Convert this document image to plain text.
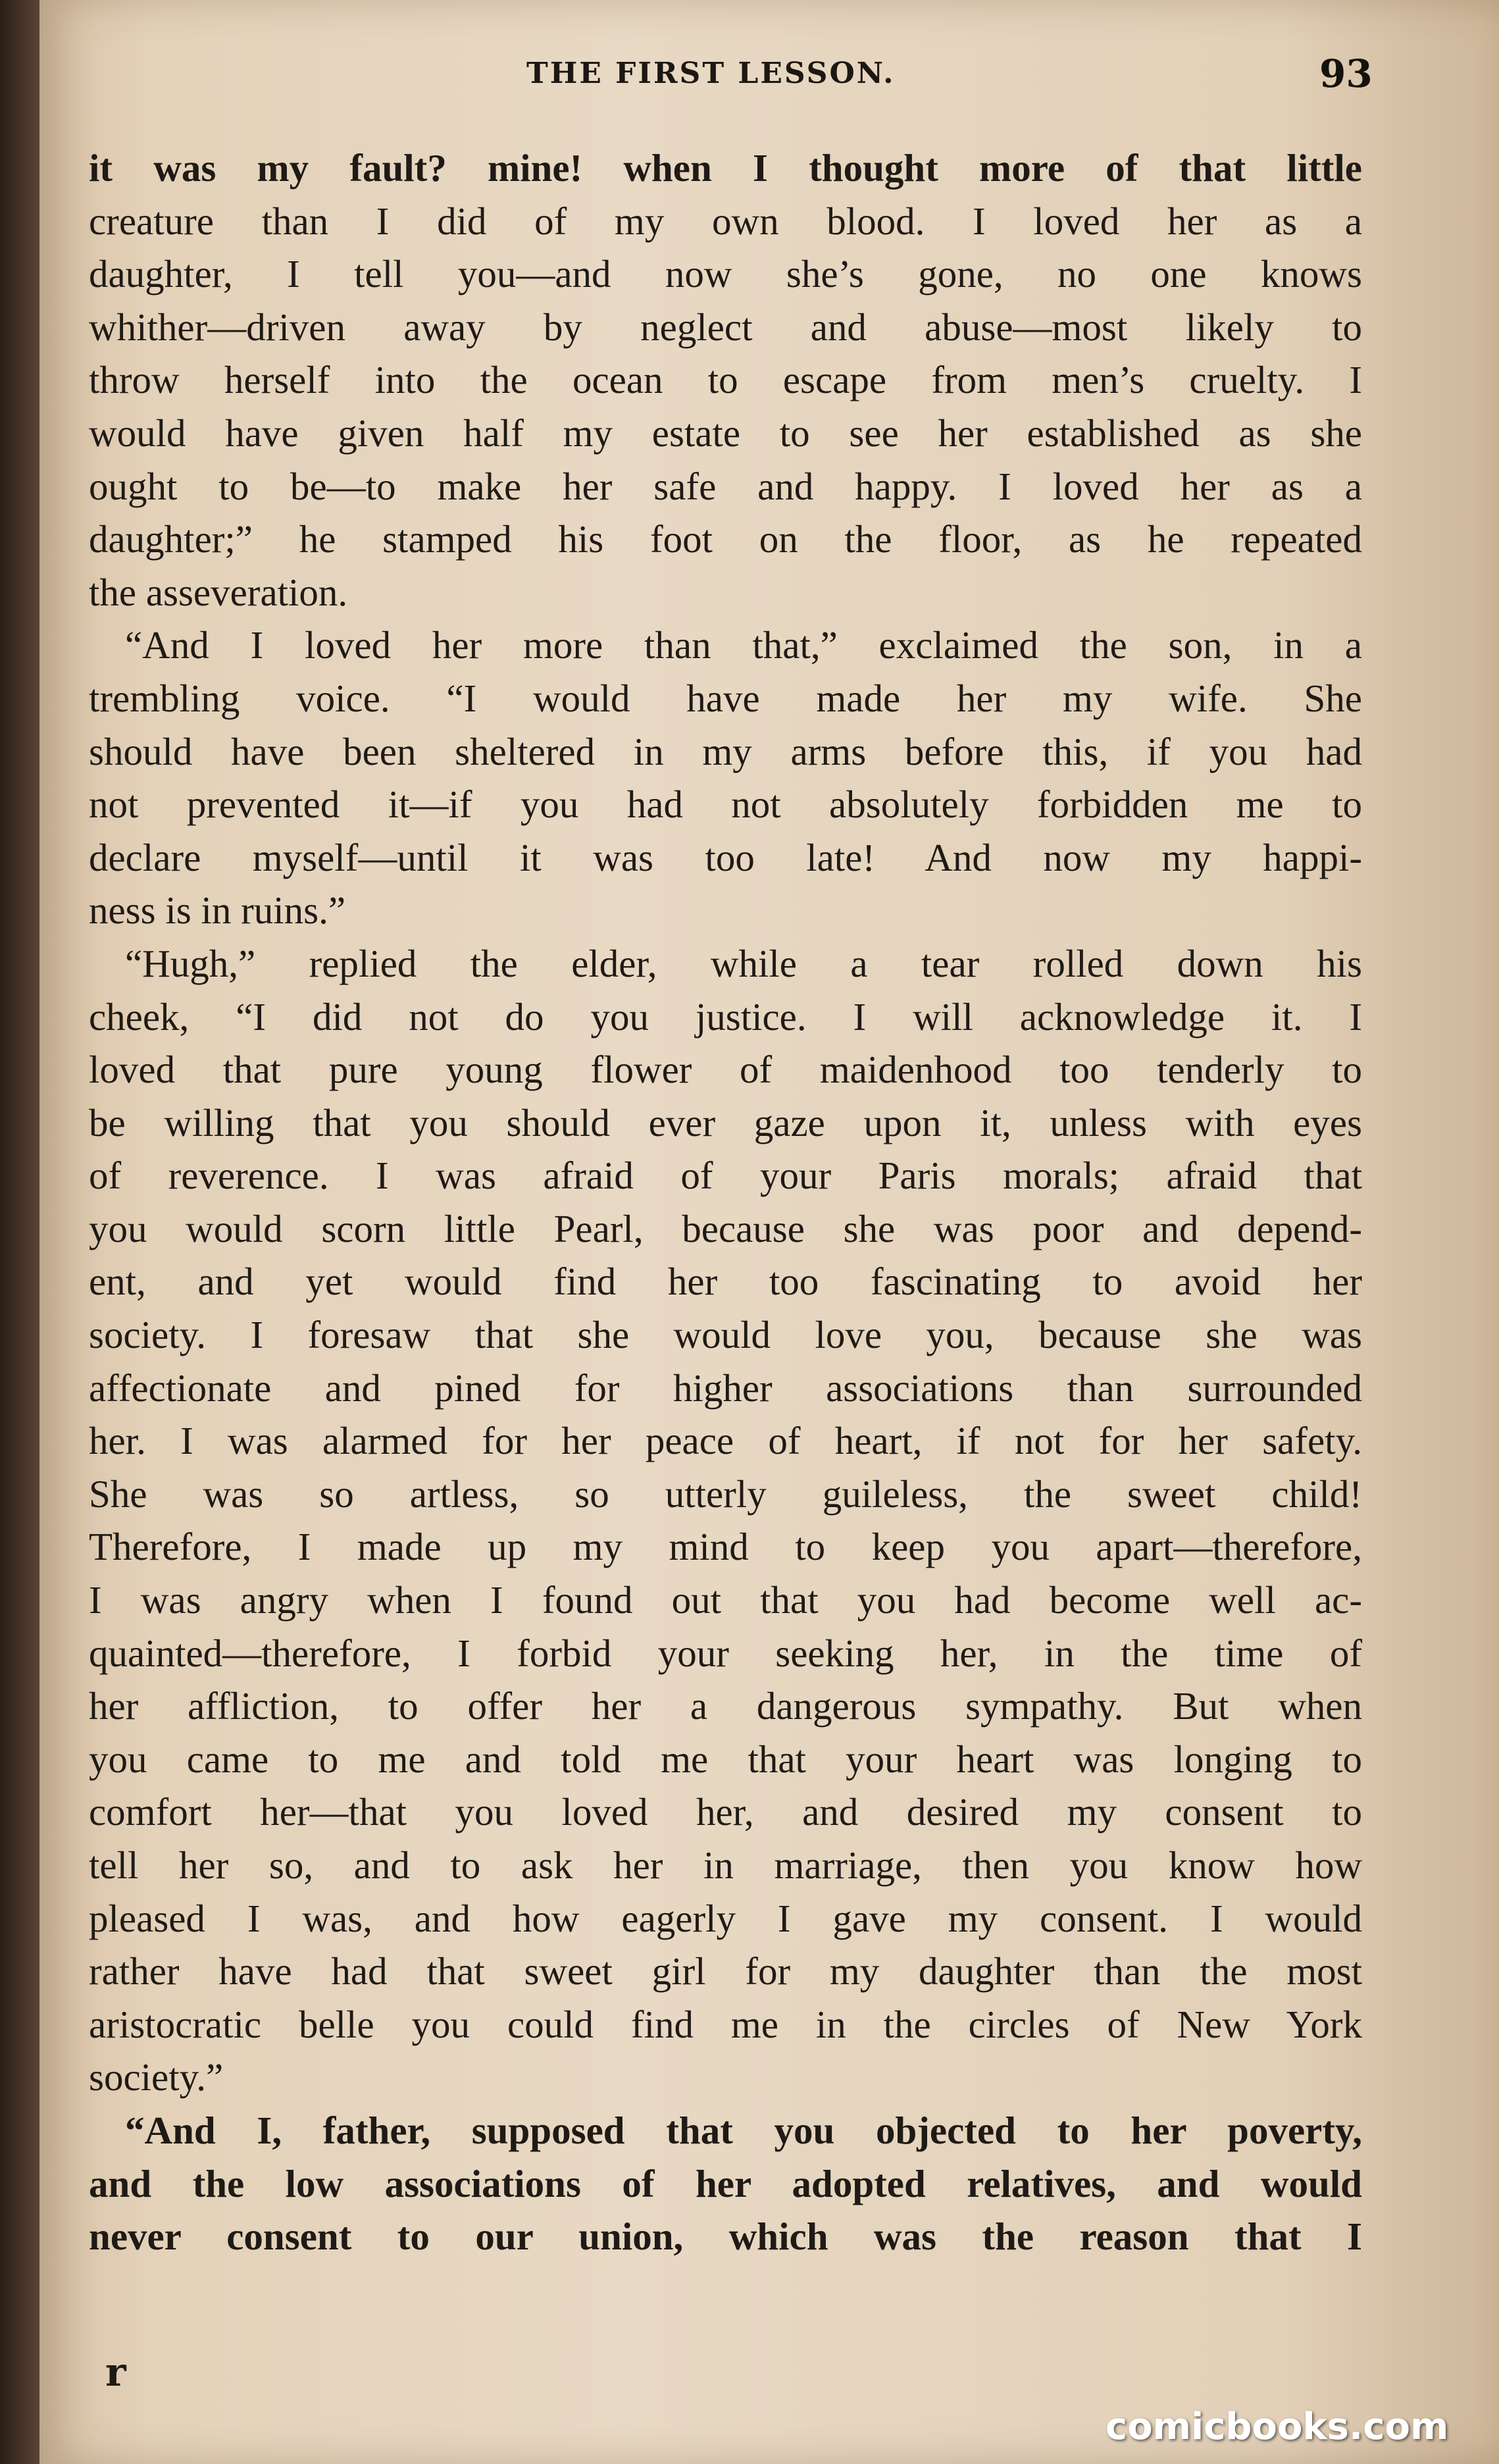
THE FIRST LESSON.	93
it was my fault? mine! when I thought more of that little
creature than I did of my own blood. I loved her as a
daughter, I tell you—and now she’s gone, no one knows
whither—driven away by neglect and abuse—most likely to
throw herself into the ocean to escape from men’s cruelty. I
would have given half my estate to see her established as she
ought to be—to make her safe and happy. I loved her as a
daughter;” he stamped his foot on the floor, as he repeated
the asseveration.
“And I loved her more than that,” exclaimed the son, in a
trembling voice. “I would have made her my wife. She
should have been sheltered in my arms before this, if you had
not prevented it—if you had not absolutely forbidden me to
declare myself—until it was too late! And now my happi-
ness is in ruins.”
“Hugh,” replied the elder, while a tear rolled down his
cheek, “I did not do you justice. I will acknowledge it. I
loved that pure young flower of maidenhood too tenderly to
be willing that you should ever gaze upon it, unless with eyes
of reverence. I was afraid of your Paris morals; afraid that
you would scorn little Pearl, because she was poor and depend-
ent, and yet would find her too fascinating to avoid her
society. I foresaw that she would love you, because she was
affectionate and pined for higher associations than surrounded
her. I was alarmed for her peace of heart, if not for her safety.
She was so artless, so utterly guileless, the sweet child!
Therefore, I made up my mind to keep you apart—therefore,
I was angry when I found out that you had become well ac-
quainted—therefore, I forbid your seeking her, in the time of
her affliction, to offer her a dangerous sympathy. But when
you came to me and told me that your heart was longing to
comfort her—that you loved her, and desired my consent to
tell her so, and to ask her in marriage, then you know how
pleased I was, and how eagerly I gave my consent. I would
rather have had that sweet girl for my daughter than the most
aristocratic belle you could find me in the circles of New York
society.”
“And I, father, supposed that you objected to her poverty,
and the low associations of her adopted relatives, and would
never consent to our union, which was the reason that I
r
comicbooks.com
